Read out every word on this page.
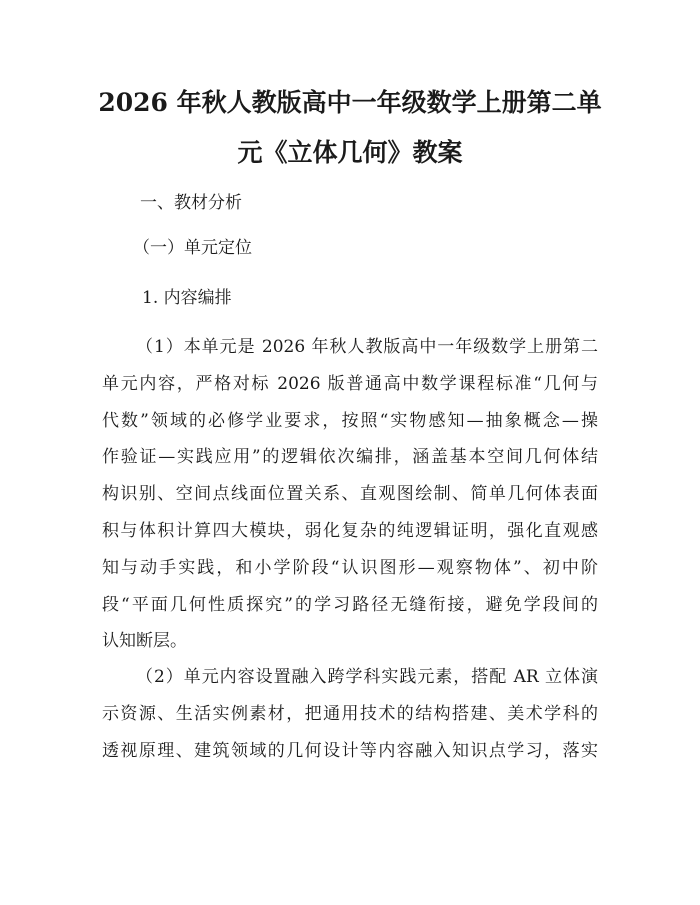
2026 年秋人教版高中一年级数学上册第二单
元《立体几何》教案
一、教材分析
（一）单元定位
1. 内容编排
（1）本单元是 2026 年秋人教版高中一年级数学上册第二
单元内容，严格对标 2026 版普通高中数学课程标准“几何与
代数”领域的必修学业要求，按照“实物感知—抽象概念—操
作验证—实践应用”的逻辑依次编排，涵盖基本空间几何体结
构识别、空间点线面位置关系、直观图绘制、简单几何体表面
积与体积计算四大模块，弱化复杂的纯逻辑证明，强化直观感
知与动手实践，和小学阶段“认识图形—观察物体”、初中阶
段“平面几何性质探究”的学习路径无缝衔接，避免学段间的
认知断层。
（2）单元内容设置融入跨学科实践元素，搭配 AR 立体演
示资源、生活实例素材，把通用技术的结构搭建、美术学科的
透视原理、建筑领域的几何设计等内容融入知识点学习，落实
